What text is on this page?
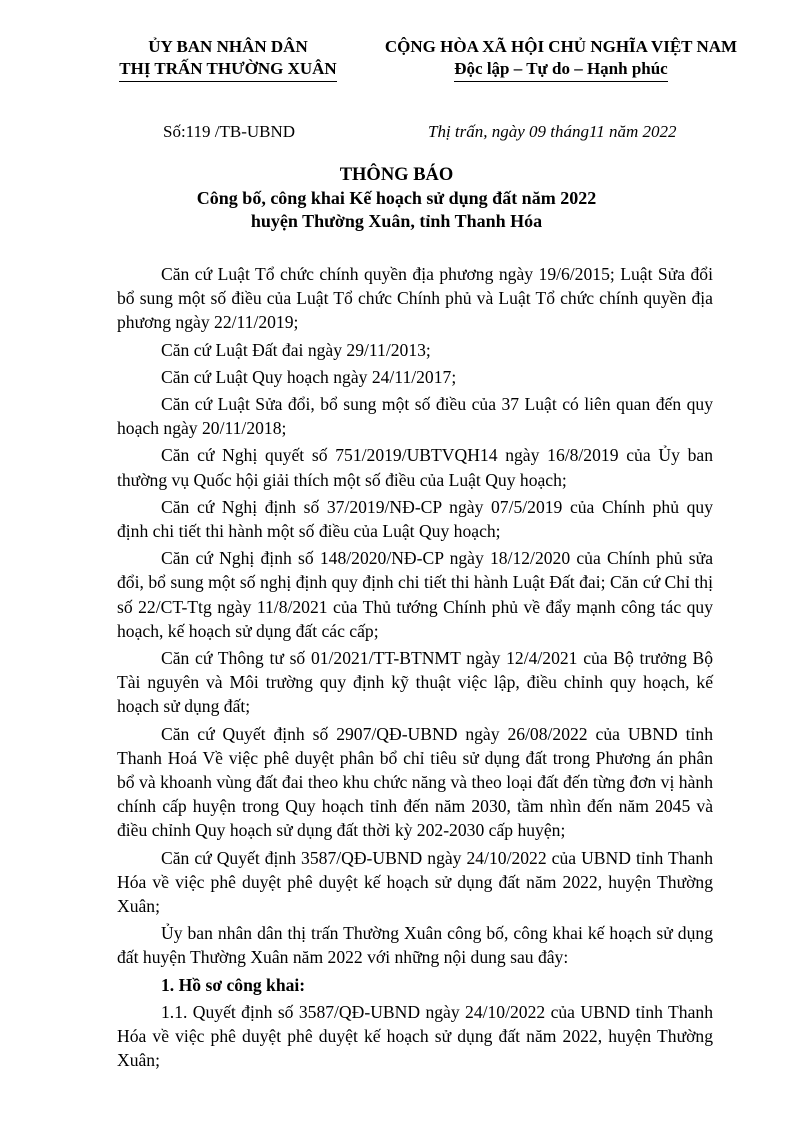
ỦY BAN NHÂN DÂN
THỊ TRẤN THƯỜNG XUÂN
CỘNG HÒA XÃ HỘI CHỦ NGHĨA VIỆT NAM
Độc lập – Tự do – Hạnh phúc
Số:119 /TB-UBND	Thị trấn, ngày 09 tháng11 năm 2022
THÔNG BÁO
Công bố, công khai Kế hoạch sử dụng đất năm 2022
huyện Thường Xuân, tỉnh Thanh Hóa

Căn cứ Luật Tổ chức chính quyền địa phương ngày 19/6/2015; Luật Sửa đổi bổ sung một số điều của Luật Tổ chức Chính phủ và Luật Tổ chức chính quyền địa phương ngày 22/11/2019;

Căn cứ Luật Đất đai ngày 29/11/2013;

Căn cứ Luật Quy hoạch ngày 24/11/2017;

Căn cứ Luật Sửa đổi, bổ sung một số điều của 37 Luật có liên quan đến quy hoạch ngày 20/11/2018;

Căn cứ Nghị quyết số 751/2019/UBTVQH14 ngày 16/8/2019 của Ủy ban thường vụ Quốc hội giải thích một số điều của Luật Quy hoạch;

Căn cứ Nghị định số 37/2019/NĐ-CP ngày 07/5/2019 của Chính phủ quy định chi tiết thi hành một số điều của Luật Quy hoạch;

Căn cứ Nghị định số 148/2020/NĐ-CP ngày 18/12/2020 của Chính phủ sửa đổi, bổ sung một số nghị định quy định chi tiết thi hành Luật Đất đai; Căn cứ Chỉ thị số 22/CT-Ttg ngày 11/8/2021 của Thủ tướng Chính phủ về đẩy mạnh công tác quy hoạch, kế hoạch sử dụng đất các cấp;

Căn cứ Thông tư số 01/2021/TT-BTNMT ngày 12/4/2021 của Bộ trưởng Bộ Tài nguyên và Môi trường quy định kỹ thuật việc lập, điều chỉnh quy hoạch, kế hoạch sử dụng đất;

Căn cứ Quyết định số 2907/QĐ-UBND ngày 26/08/2022 của UBND tỉnh Thanh Hoá Về việc phê duyệt phân bổ chỉ tiêu sử dụng đất trong Phương án phân bổ và khoanh vùng đất đai theo khu chức năng và theo loại đất đến từng đơn vị hành chính cấp huyện trong Quy hoạch tỉnh đến năm 2030, tầm nhìn đến năm 2045 và điều chỉnh Quy hoạch sử dụng đất thời kỳ 202-2030 cấp huyện;

Căn cứ Quyết định 3587/QĐ-UBND ngày 24/10/2022 của UBND tỉnh Thanh Hóa về việc phê duyệt phê duyệt kế hoạch sử dụng đất năm 2022, huyện Thường Xuân;

Ủy ban nhân dân thị trấn Thường Xuân công bố, công khai kế hoạch sử dụng đất huyện Thường Xuân năm 2022 với những nội dung sau đây:

1. Hồ sơ công khai:

1.1. Quyết định số 3587/QĐ-UBND ngày 24/10/2022 của UBND tỉnh Thanh Hóa về việc phê duyệt phê duyệt kế hoạch sử dụng đất năm 2022, huyện Thường Xuân;
